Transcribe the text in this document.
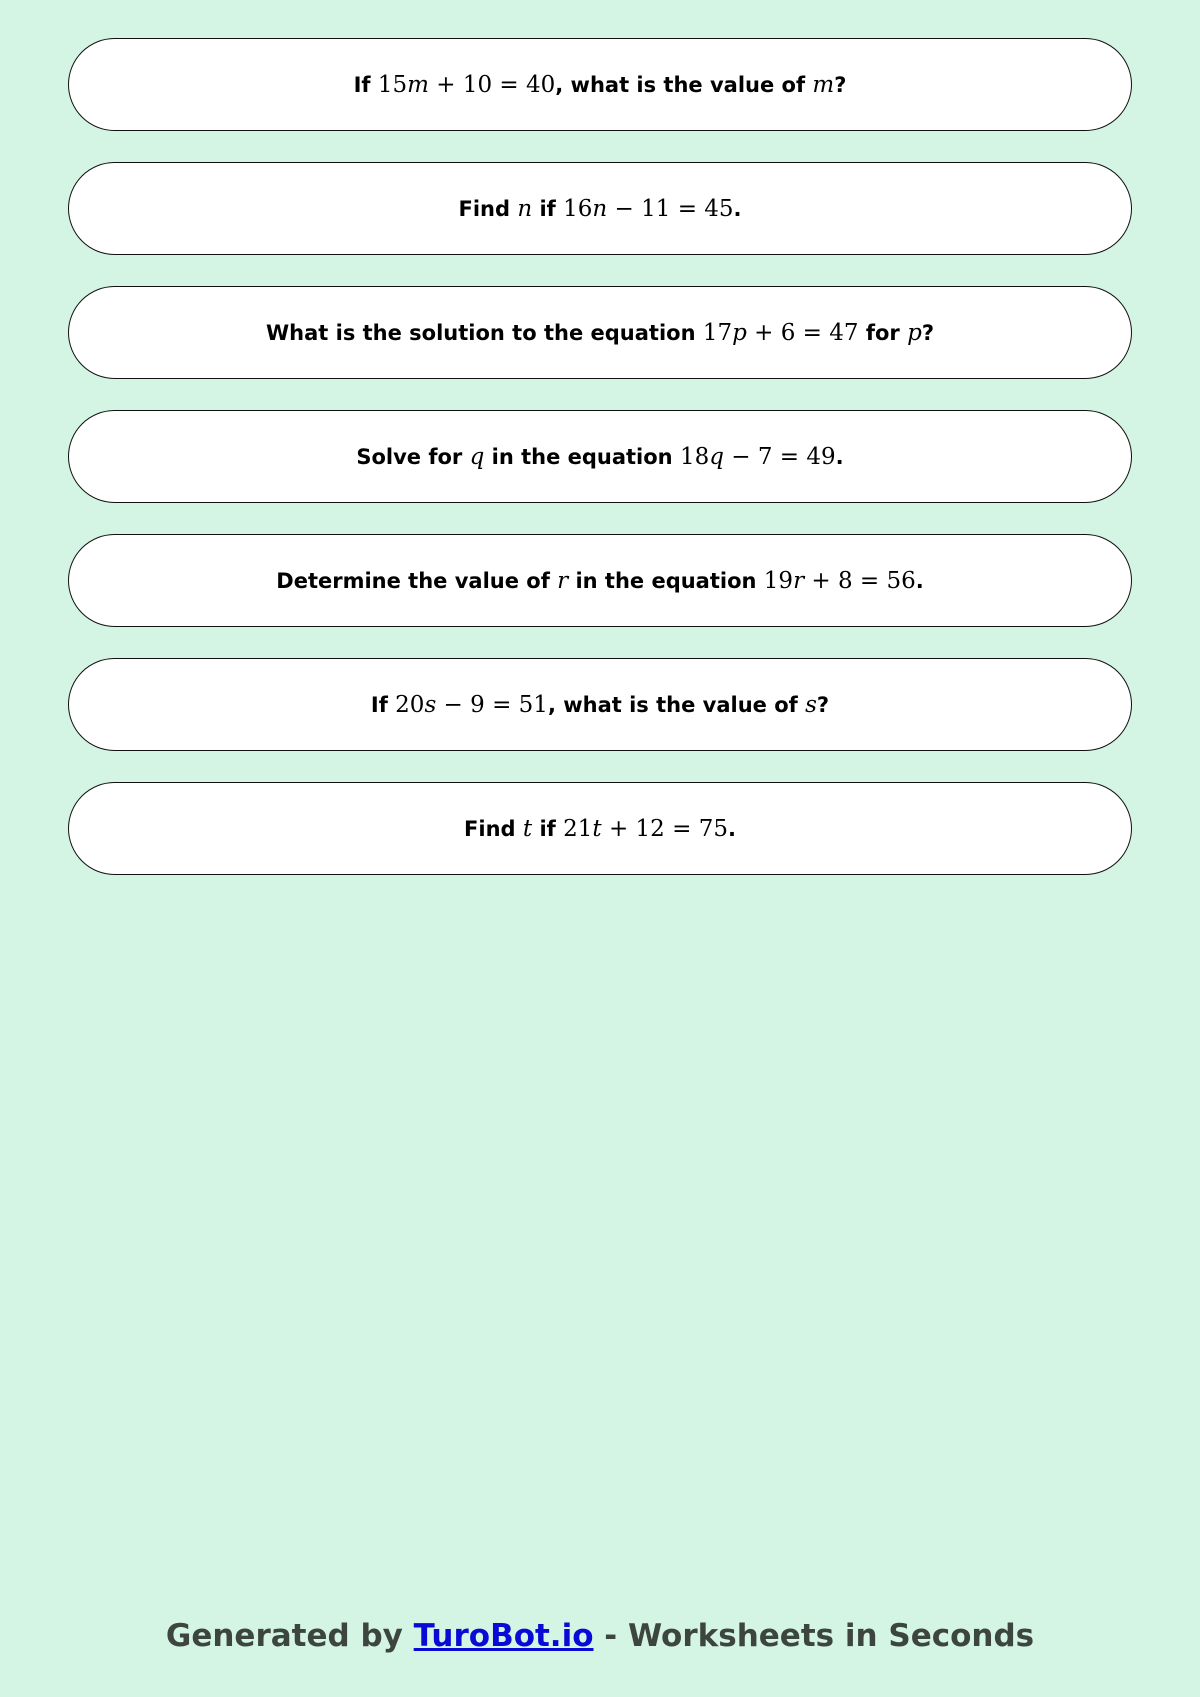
If 15m + 10 = 40 , what is the value of m ?
Find n if 16n − 11 = 45 .
What is the solution to the equation 17p + 6 = 47 for p ?
Solve for q in the equation 18q − 7 = 49 .
Determine the value of r in the equation 19r + 8 = 56 .
If 20s − 9 = 51 , what is the value of s ?
Find t if 21t + 12 = 75 .
Generated by TuroBot.io - Worksheets in Seconds
